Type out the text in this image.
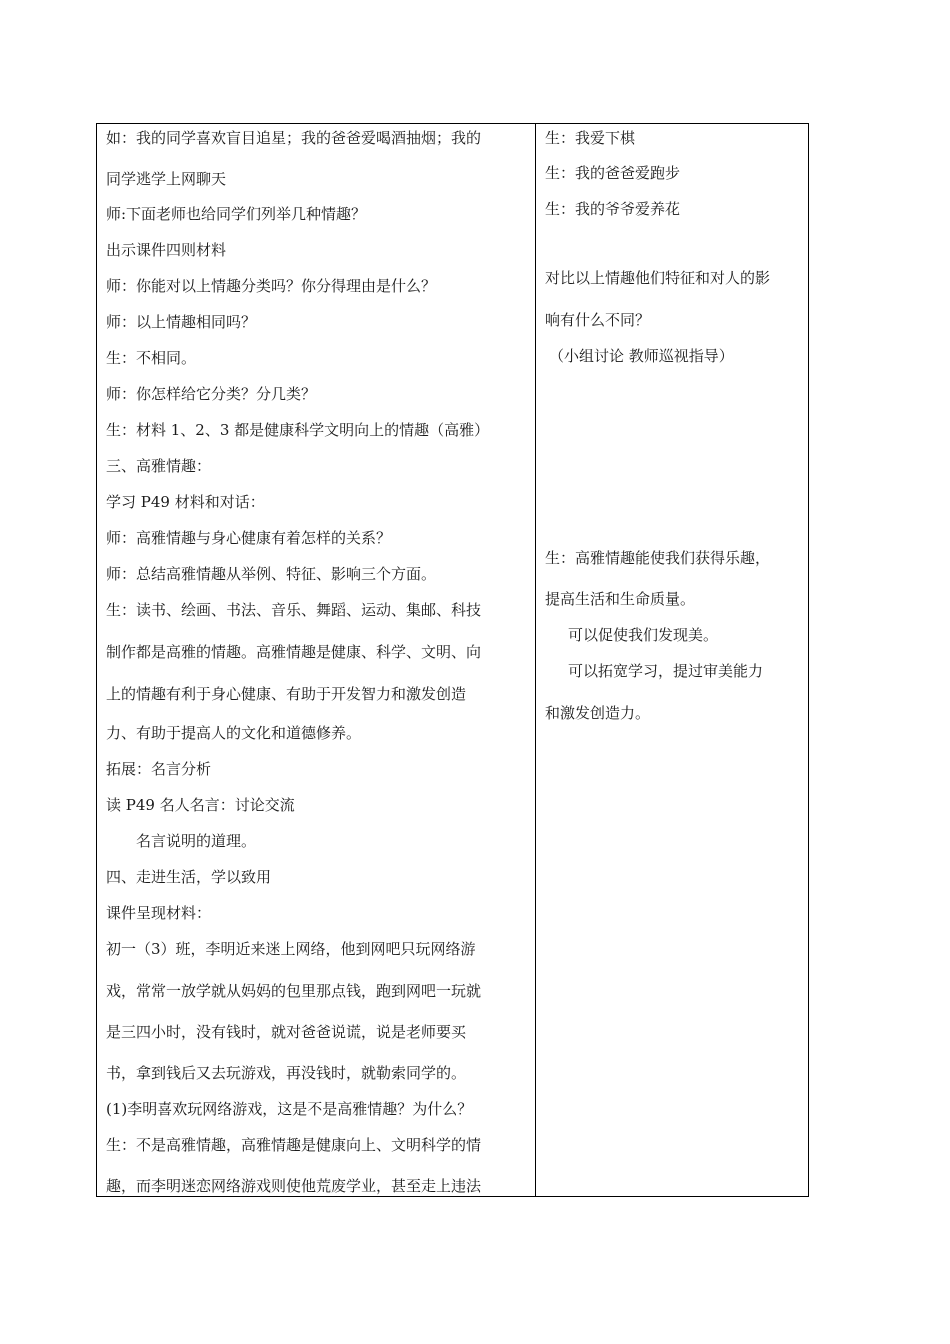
如：我的同学喜欢盲目追星；我的爸爸爱喝酒抽烟；我的
同学逃学上网聊天
师:下面老师也给同学们列举几种情趣？
出示课件四则材料
师：你能对以上情趣分类吗？你分得理由是什么？
师：以上情趣相同吗？
生：不相同。
师：你怎样给它分类？分几类？
生：材料 1、2、3 都是健康科学文明向上的情趣（高雅）
三、高雅情趣：
学习 P49 材料和对话：
师：高雅情趣与身心健康有着怎样的关系？
师：总结高雅情趣从举例、特征、影响三个方面。
生：读书、绘画、书法、音乐、舞蹈、运动、集邮、科技
制作都是高雅的情趣。高雅情趣是健康、科学、文明、向
上的情趣有利于身心健康、有助于开发智力和激发创造
力、有助于提高人的文化和道德修养。
拓展：名言分析
读 P49 名人名言：讨论交流
名言说明的道理。
四、走进生活，学以致用
课件呈现材料：
初一（3）班，李明近来迷上网络，他到网吧只玩网络游
戏，常常一放学就从妈妈的包里那点钱，跑到网吧一玩就
是三四小时，没有钱时，就对爸爸说谎，说是老师要买
书，拿到钱后又去玩游戏，再没钱时，就勒索同学的。
(1)李明喜欢玩网络游戏，这是不是高雅情趣？为什么？
生：不是高雅情趣，高雅情趣是健康向上、文明科学的情
趣，而李明迷恋网络游戏则使他荒废学业，甚至走上违法
生：我爱下棋
生：我的爸爸爱跑步
生：我的爷爷爱养花
对比以上情趣他们特征和对人的影
响有什么不同？
（小组讨论 教师巡视指导）
生：高雅情趣能使我们获得乐趣，
提高生活和生命质量。
可以促使我们发现美。
可以拓宽学习，提过审美能力
和激发创造力。
